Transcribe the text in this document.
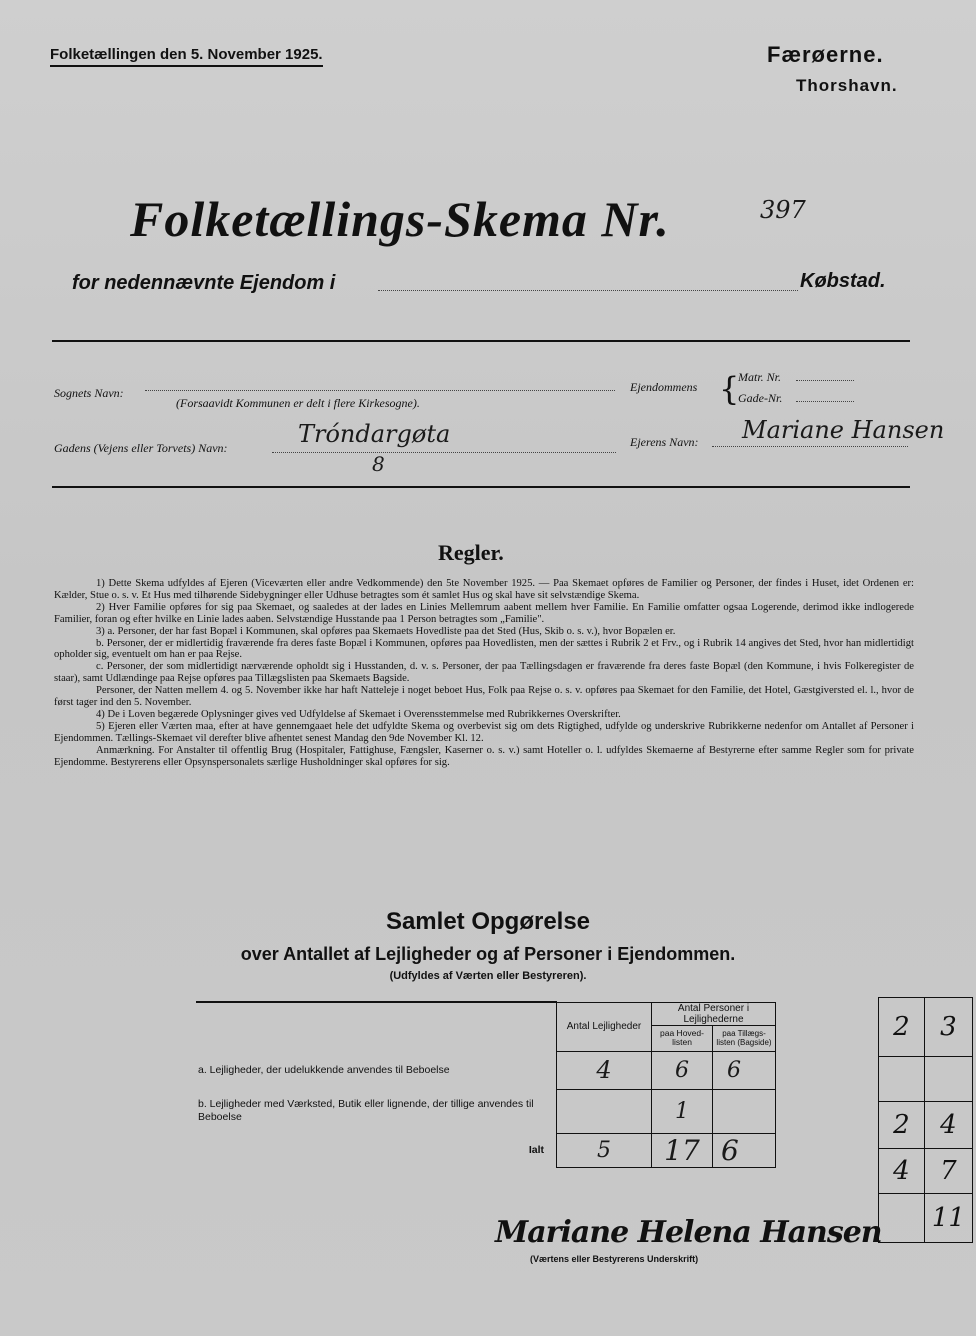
Folketællingen den 5. November 1925.	Færøerne.
Thorshavn.
Folketællings-Skema Nr.	397
for nedennævnte Ejendom i	Købstad.
Sognets Navn:
(Forsaavidt Kommunen er delt i flere Kirkesogne).
Ejendommens {
Matr. Nr.
Gade-Nr.
Gadens (Vejens eller Torvets) Navn:	Tróndargøta
8
Ejerens Navn: Mariane Hansen
Regler.

1) Dette Skema udfyldes af Ejeren (Viceværten eller andre Vedkommende) den 5te November 1925. — Paa Skemaet opføres de Familier og Personer, der findes i Huset, idet Ordenen er: Kælder, Stue o. s. v. Et Hus med tilhørende Sidebygninger eller Udhuse betragtes som ét samlet Hus og skal have sit selvstændige Skema.

2) Hver Familie opføres for sig paa Skemaet, og saaledes at der lades en Linies Mellemrum aabent mellem hver Familie. En Familie omfatter ogsaa Logerende, derimod ikke indlogerede Familier, foran og efter hvilke en Linie lades aaben. Selvstændige Husstande paa 1 Person betragtes som „Familie".

3) a. Personer, der har fast Bopæl i Kommunen, skal opføres paa Skemaets Hovedliste paa det Sted (Hus, Skib o. s. v.), hvor Bopælen er.

b. Personer, der er midlertidig fraværende fra deres faste Bopæl i Kommunen, opføres paa Hovedlisten, men der sættes i Rubrik 2 et Frv., og i Rubrik 14 angives det Sted, hvor han midlertidigt opholder sig, eventuelt om han er paa Rejse.

c. Personer, der som midlertidigt nærværende opholdt sig i Husstanden, d. v. s. Personer, der paa Tællingsdagen er fraværende fra deres faste Bopæl (den Kommune, i hvis Folkeregister de staar), samt Udlændinge paa Rejse opføres paa Tillægslisten paa Skemaets Bagside.

Personer, der Natten mellem 4. og 5. November ikke har haft Natteleje i noget beboet Hus, Folk paa Rejse o. s. v. opføres paa Skemaet for den Familie, det Hotel, Gæstgiversted el. l., hvor de først tager ind den 5. November.

4) De i Loven begærede Oplysninger gives ved Udfyldelse af Skemaet i Overensstemmelse med Rubrikkernes Overskrifter.

5) Ejeren eller Værten maa, efter at have gennemgaaet hele det udfyldte Skema og overbevist sig om dets Rigtighed, udfylde og underskrive Rubrikkerne nedenfor om Antallet af Personer i Ejendommen. Tællings-Skemaet vil derefter blive afhentet senest Mandag den 9de November Kl. 12.

Anmærkning. For Anstalter til offentlig Brug (Hospitaler, Fattighuse, Fængsler, Kaserner o. s. v.) samt Hoteller o. l. udfyldes Skemaerne af Bestyrerne efter samme Regler som for private Ejendomme. Bestyrerens eller Opsynspersonalets særlige Husholdninger skal opføres for sig.

Samlet Opgørelse
over Antallet af Lejligheder og af Personer i Ejendommen.
(Udfyldes af Værten eller Bestyreren).
	Antal Lejligheder	Antal Personer i Lejlighederne	
		paa Hoved-listen	paa Tillægs-listen (Bagside)
a. Lejligheder, der udelukkende anvendes til Beboelse	4	6	6
b. Lejligheder med Værksted, Butik eller lignende, der tillige anvendes til Beboelse		1	
Ialt	5	17	6
2	3

2	4
4	7
	11
Mariane Helena Hansen
(Værtens eller Bestyrerens Underskrift)
